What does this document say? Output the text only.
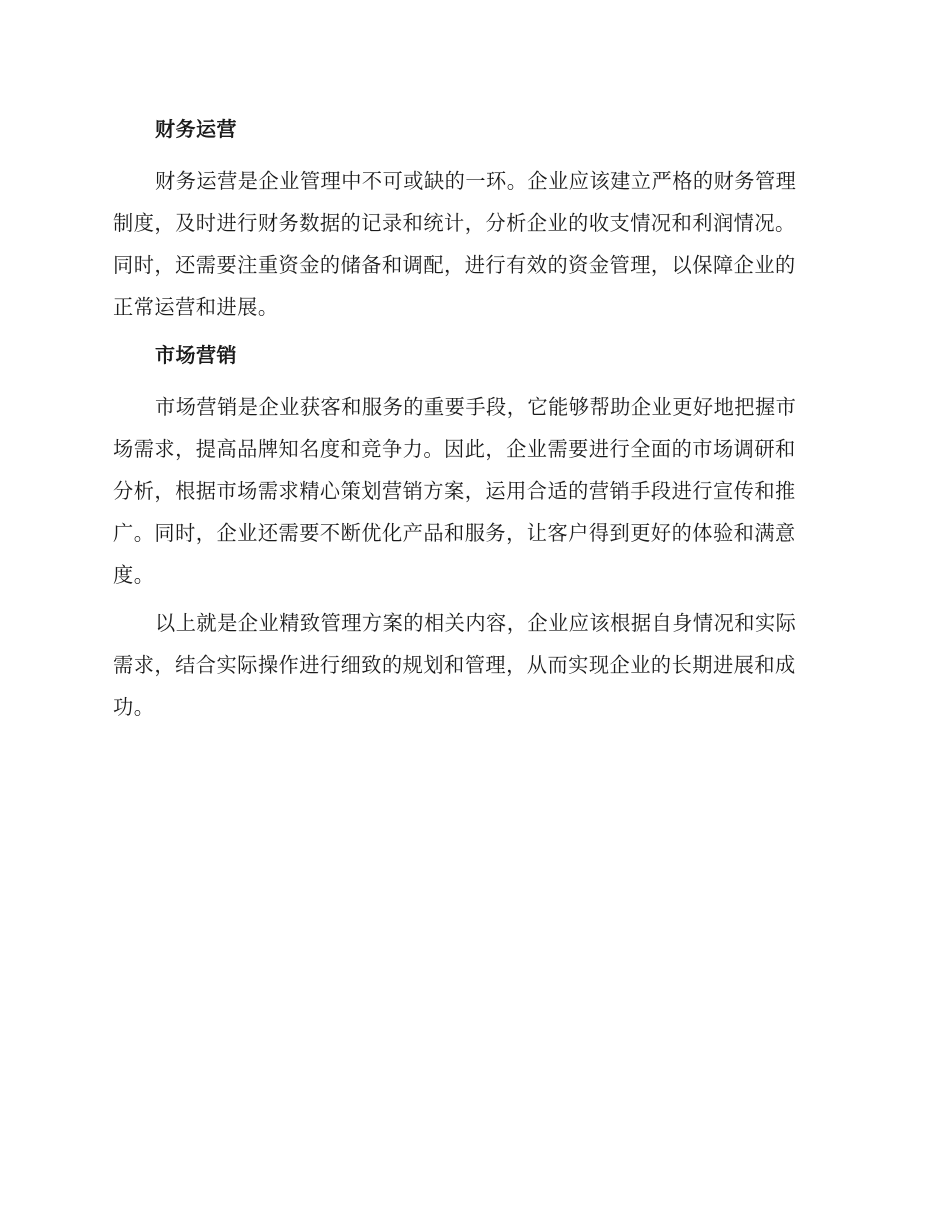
财务运营
财务运营是企业管理中不可或缺的一环。企业应该建立严格的财务管理
制度，及时进行财务数据的记录和统计，分析企业的收支情况和利润情况。
同时，还需要注重资金的储备和调配，进行有效的资金管理，以保障企业的
正常运营和进展。
市场营销
市场营销是企业获客和服务的重要手段，它能够帮助企业更好地把握市
场需求，提高品牌知名度和竞争力。因此，企业需要进行全面的市场调研和
分析，根据市场需求精心策划营销方案，运用合适的营销手段进行宣传和推
广。同时，企业还需要不断优化产品和服务，让客户得到更好的体验和满意
度。
以上就是企业精致管理方案的相关内容，企业应该根据自身情况和实际
需求，结合实际操作进行细致的规划和管理，从而实现企业的长期进展和成
功。
